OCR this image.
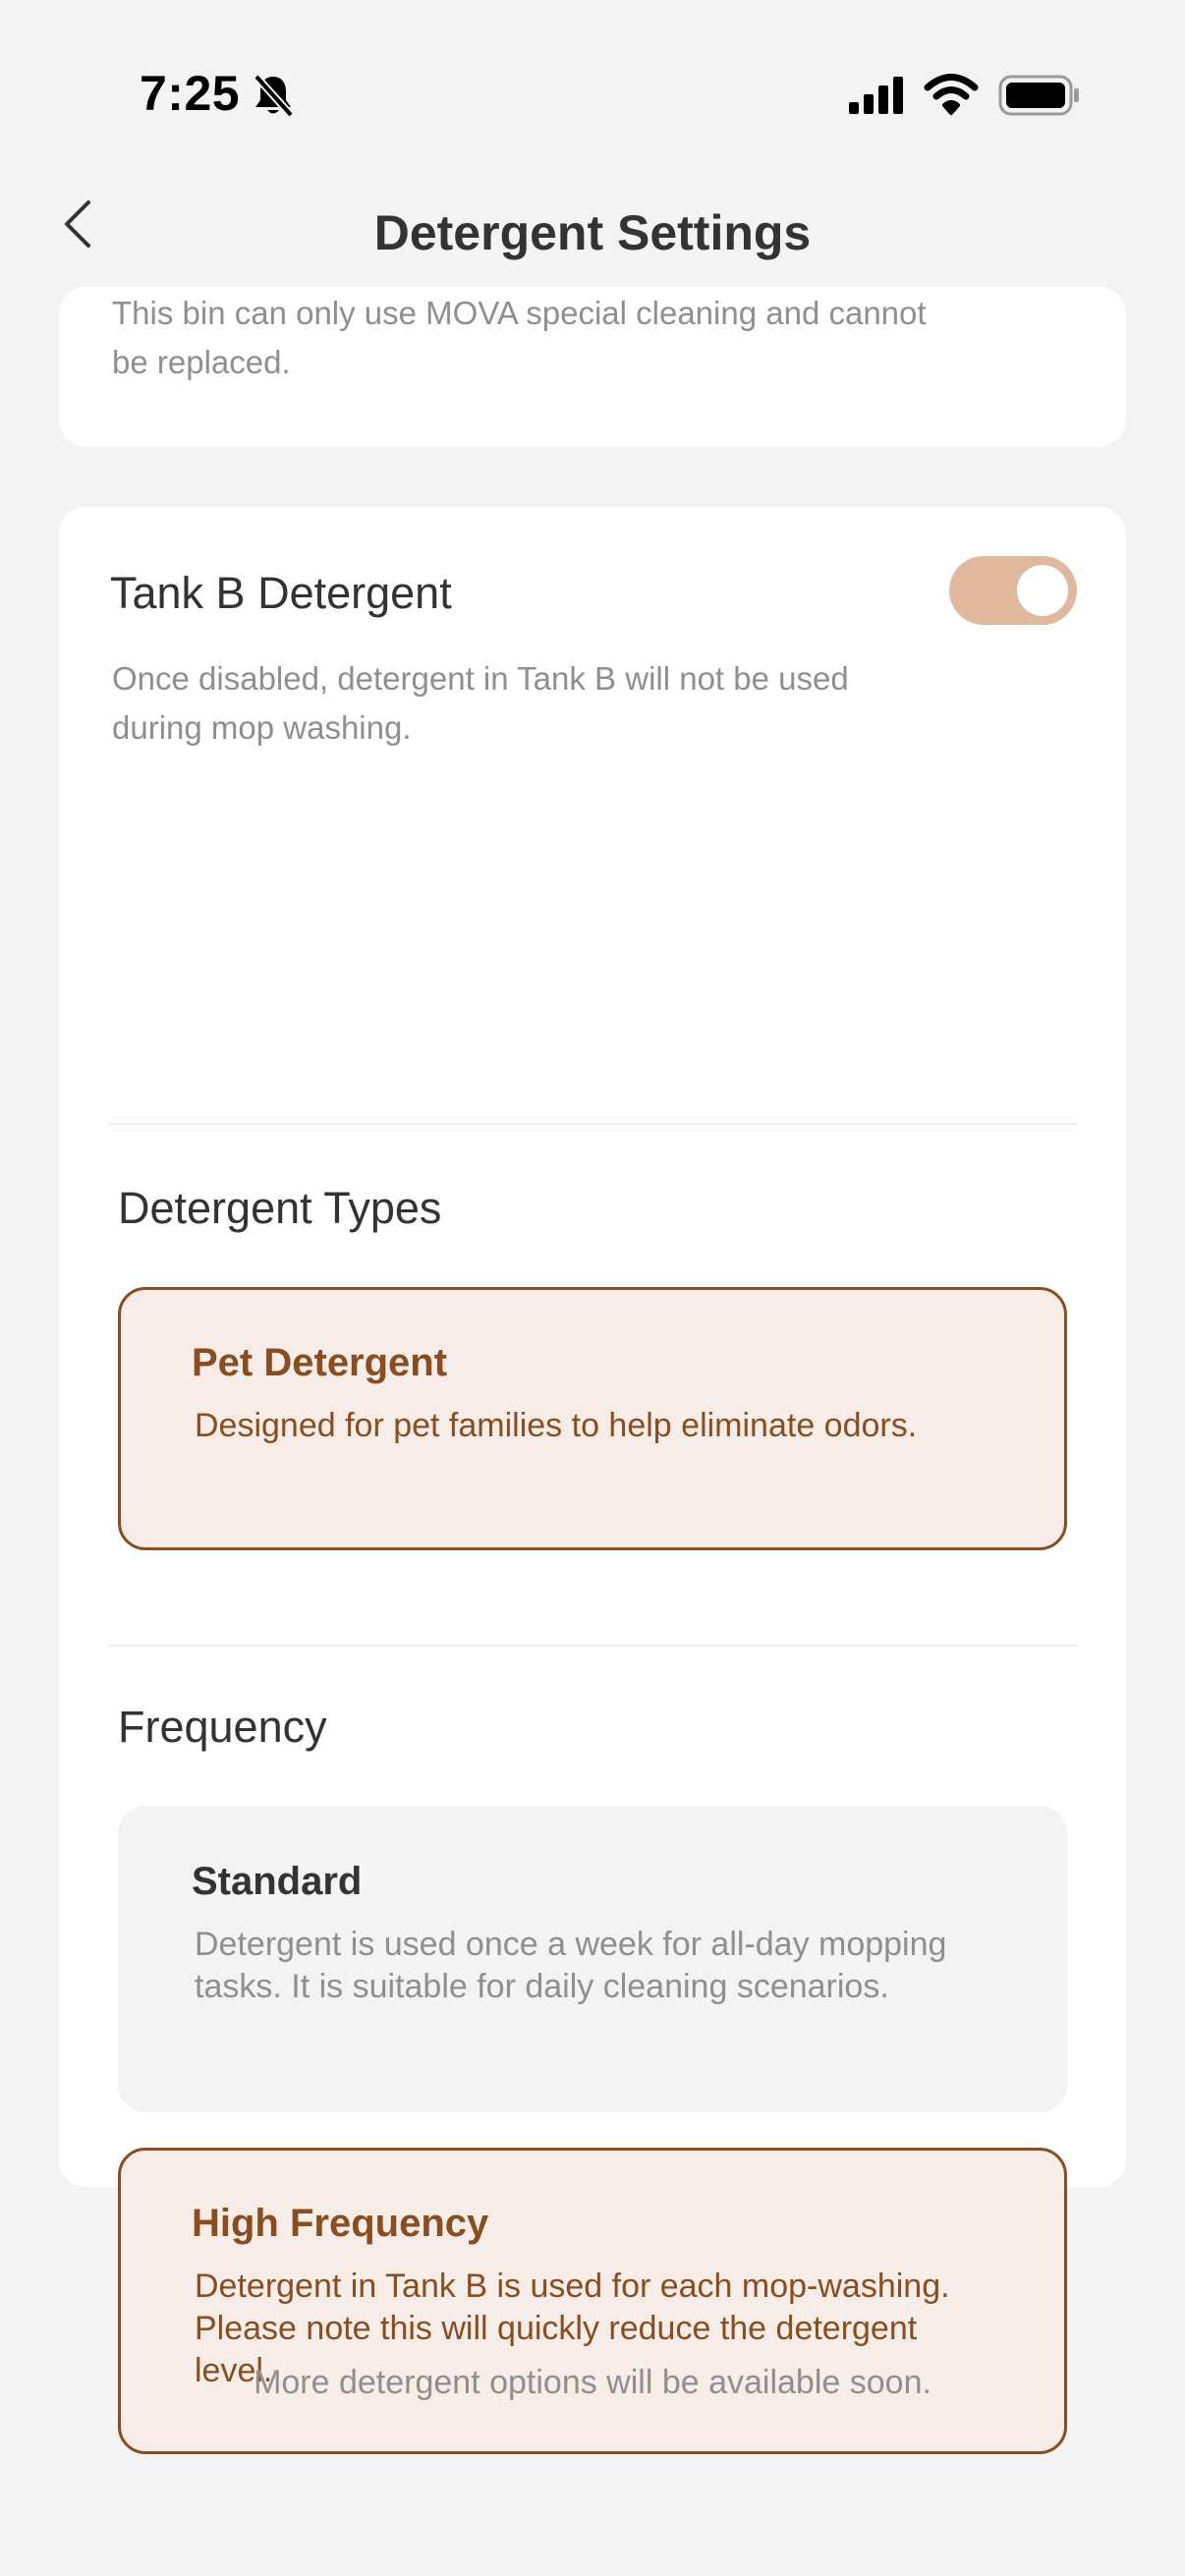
7:25
Detergent Settings
This bin can only use MOVA special cleaning and cannot be replaced.
Tank B Detergent
Once disabled, detergent in Tank B will not be used during mop washing.
Detergent Types
Pet Detergent
Designed for pet families to help eliminate odors.
Frequency
Standard
Detergent is used once a week for all-day mopping tasks. It is suitable for daily cleaning scenarios.
High Frequency
Detergent in Tank B is used for each mop-washing. Please note this will quickly reduce the detergent level.
More detergent options will be available soon.
